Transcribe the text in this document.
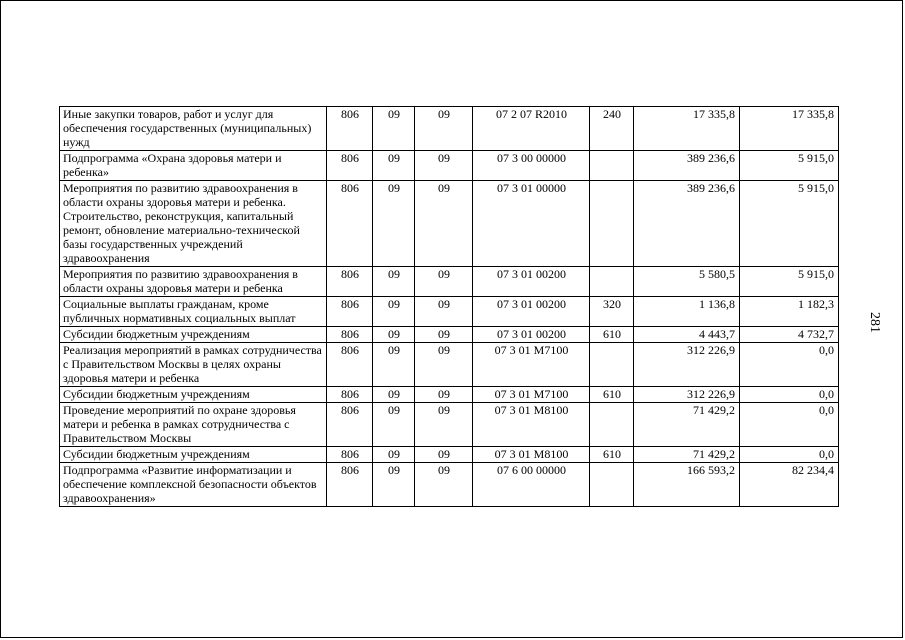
Иные закупки товаров, работ и услуг для обеспечения государственных (муниципальных) нужд	806	09	09	07 2 07 R2010	240	17 335,8	17 335,8
Подпрограмма «Охрана здоровья матери и ребенка»	806	09	09	07 3 00 00000		389 236,6	5 915,0
Мероприятия по развитию здравоохранения в области охраны здоровья матери и ребенка. Строительство, реконструкция, капитальный ремонт, обновление материально-технической базы государственных учреждений здравоохранения	806	09	09	07 3 01 00000		389 236,6	5 915,0
Мероприятия по развитию здравоохранения в области охраны здоровья матери и ребенка	806	09	09	07 3 01 00200		5 580,5	5 915,0
Социальные выплаты гражданам, кроме публичных нормативных социальных выплат	806	09	09	07 3 01 00200	320	1 136,8	1 182,3
Субсидии бюджетным учреждениям	806	09	09	07 3 01 00200	610	4 443,7	4 732,7
Реализация мероприятий в рамках сотрудничества с Правительством Москвы в целях охраны здоровья матери и ребенка	806	09	09	07 3 01 M7100		312 226,9	0,0
Субсидии бюджетным учреждениям	806	09	09	07 3 01 M7100	610	312 226,9	0,0
Проведение мероприятий по охране здоровья матери и ребенка в рамках сотрудничества с Правительством Москвы	806	09	09	07 3 01 M8100		71 429,2	0,0
Субсидии бюджетным учреждениям	806	09	09	07 3 01 M8100	610	71 429,2	0,0
Подпрограмма «Развитие информатизации и обеспечение комплексной безопасности объектов здравоохранения»	806	09	09	07 6 00 00000		166 593,2	82 234,4
281
